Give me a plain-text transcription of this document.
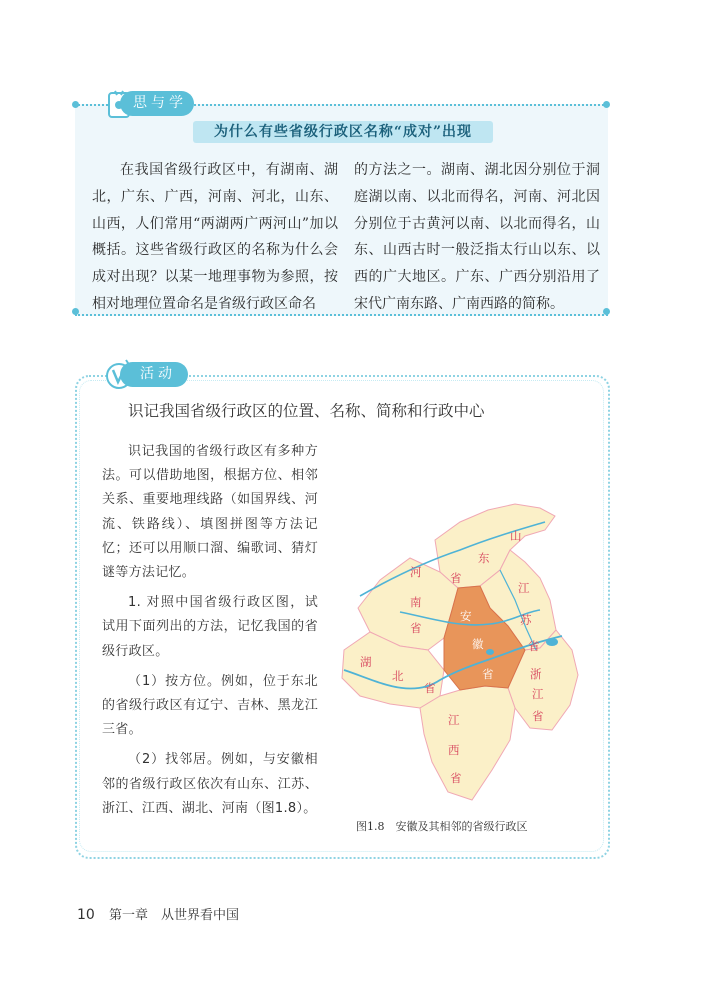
思与学
为什么有些省级行政区名称“成对”出现
在我国省级行政区中，有湖南、湖北，广东、广西，河南、河北，山东、山西，人们常用“两湖两广两河山”加以概括。这些省级行政区的名称为什么会成对出现？以某一地理事物为参照，按相对地理位置命名是省级行政区命名
的方法之一。湖南、湖北因分别位于洞庭湖以南、以北而得名，河南、河北因分别位于古黄河以南、以北而得名，山东、山西古时一般泛指太行山以东、以西的广大地区。广东、广西分别沿用了宋代广南东路、广南西路的简称。
活动
识记我国省级行政区的位置、名称、简称和行政中心

识记我国的省级行政区有多种方法。可以借助地图，根据方位、相邻关系、重要地理线路（如国界线、河流、铁路线）、填图拼图等方法记忆；还可以用顺口溜、编歌词、猜灯谜等方法记忆。

1. 对照中国省级行政区图，试试用下面列出的方法，记忆我国的省级行政区。

（1）按方位。例如，位于东北的省级行政区有辽宁、吉林、黑龙江三省。

（2）找邻居。例如，与安徽相邻的省级行政区依次有山东、江苏、浙江、江西、湖北、河南（图1.8）。

山
东
省
江
苏
省
浙
江
省
江
西
省
湖
北
省
河
南
省
安
徽
省
图1.8　安徽及其相邻的省级行政区
10 第一章　从世界看中国
